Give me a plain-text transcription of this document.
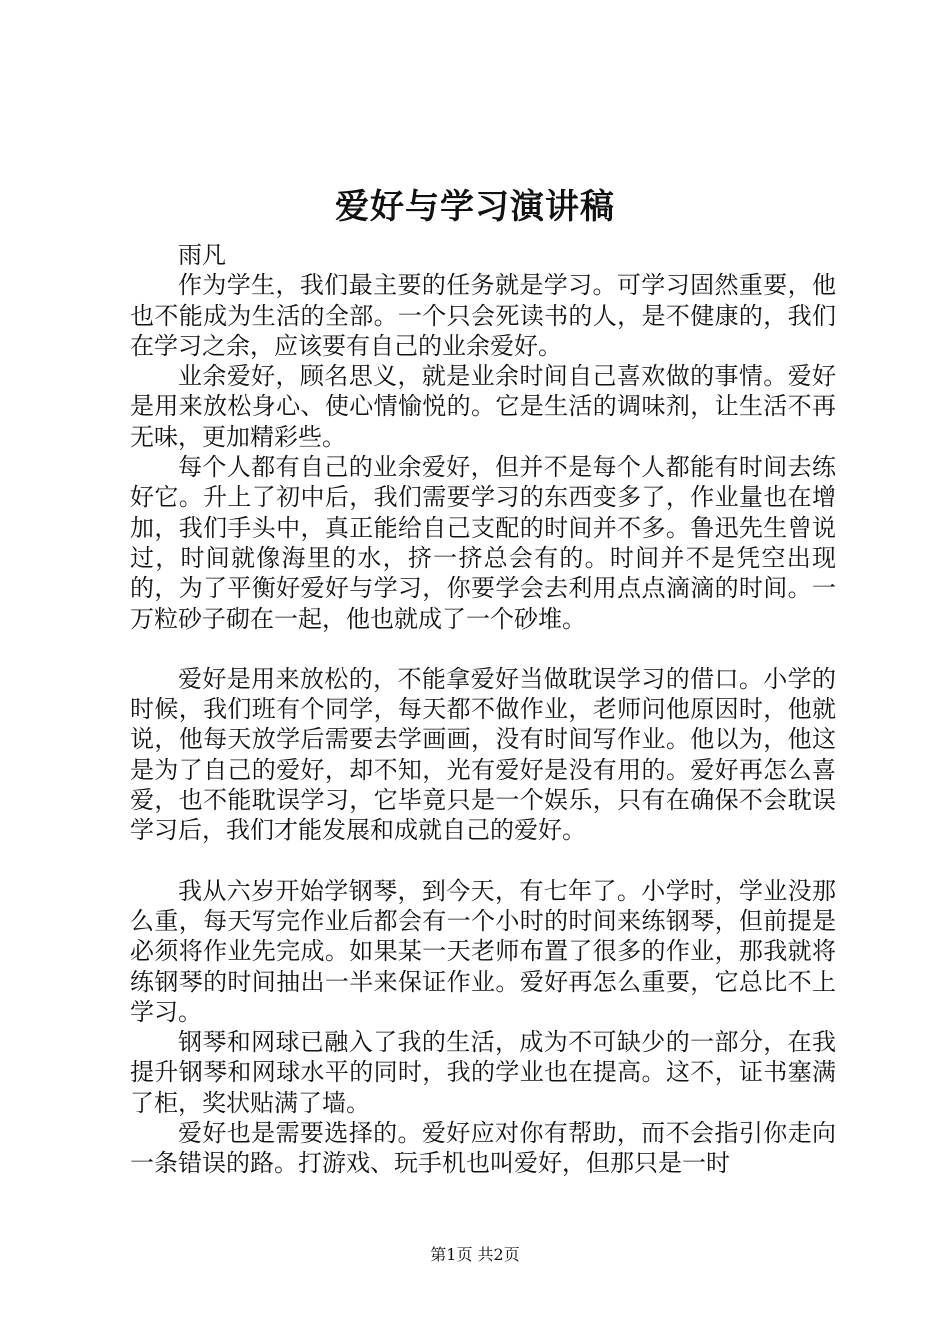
爱好与学习演讲稿
雨凡

作为学生，我们最主要的任务就是学习。可学习固然重要，他也不能成为生活的全部。一个只会死读书的人，是不健康的，我们在学习之余，应该要有自己的业余爱好。

业余爱好，顾名思义，就是业余时间自己喜欢做的事情。爱好是用来放松身心、使心情愉悦的。它是生活的调味剂，让生活不再无味，更加精彩些。

每个人都有自己的业余爱好，但并不是每个人都能有时间去练好它。升上了初中后，我们需要学习的东西变多了，作业量也在增加，我们手头中，真正能给自己支配的时间并不多。鲁迅先生曾说过，时间就像海里的水，挤一挤总会有的。时间并不是凭空出现的，为了平衡好爱好与学习，你要学会去利用点点滴滴的时间。一万粒砂子砌在一起，他也就成了一个砂堆。

爱好是用来放松的，不能拿爱好当做耽误学习的借口。小学的时候，我们班有个同学，每天都不做作业，老师问他原因时，他就说，他每天放学后需要去学画画，没有时间写作业。他以为，他这是为了自己的爱好，却不知，光有爱好是没有用的。爱好再怎么喜爱，也不能耽误学习，它毕竟只是一个娱乐，只有在确保不会耽误学习后，我们才能发展和成就自己的爱好。

我从六岁开始学钢琴，到今天，有七年了。小学时，学业没那么重，每天写完作业后都会有一个小时的时间来练钢琴，但前提是必须将作业先完成。如果某一天老师布置了很多的作业，那我就将练钢琴的时间抽出一半来保证作业。爱好再怎么重要，它总比不上学习。

钢琴和网球已融入了我的生活，成为不可缺少的一部分，在我提升钢琴和网球水平的同时，我的学业也在提高。这不，证书塞满了柜，奖状贴满了墙。

爱好也是需要选择的。爱好应对你有帮助，而不会指引你走向一条错误的路。打游戏、玩手机也叫爱好，但那只是一时

第1页 共2页
